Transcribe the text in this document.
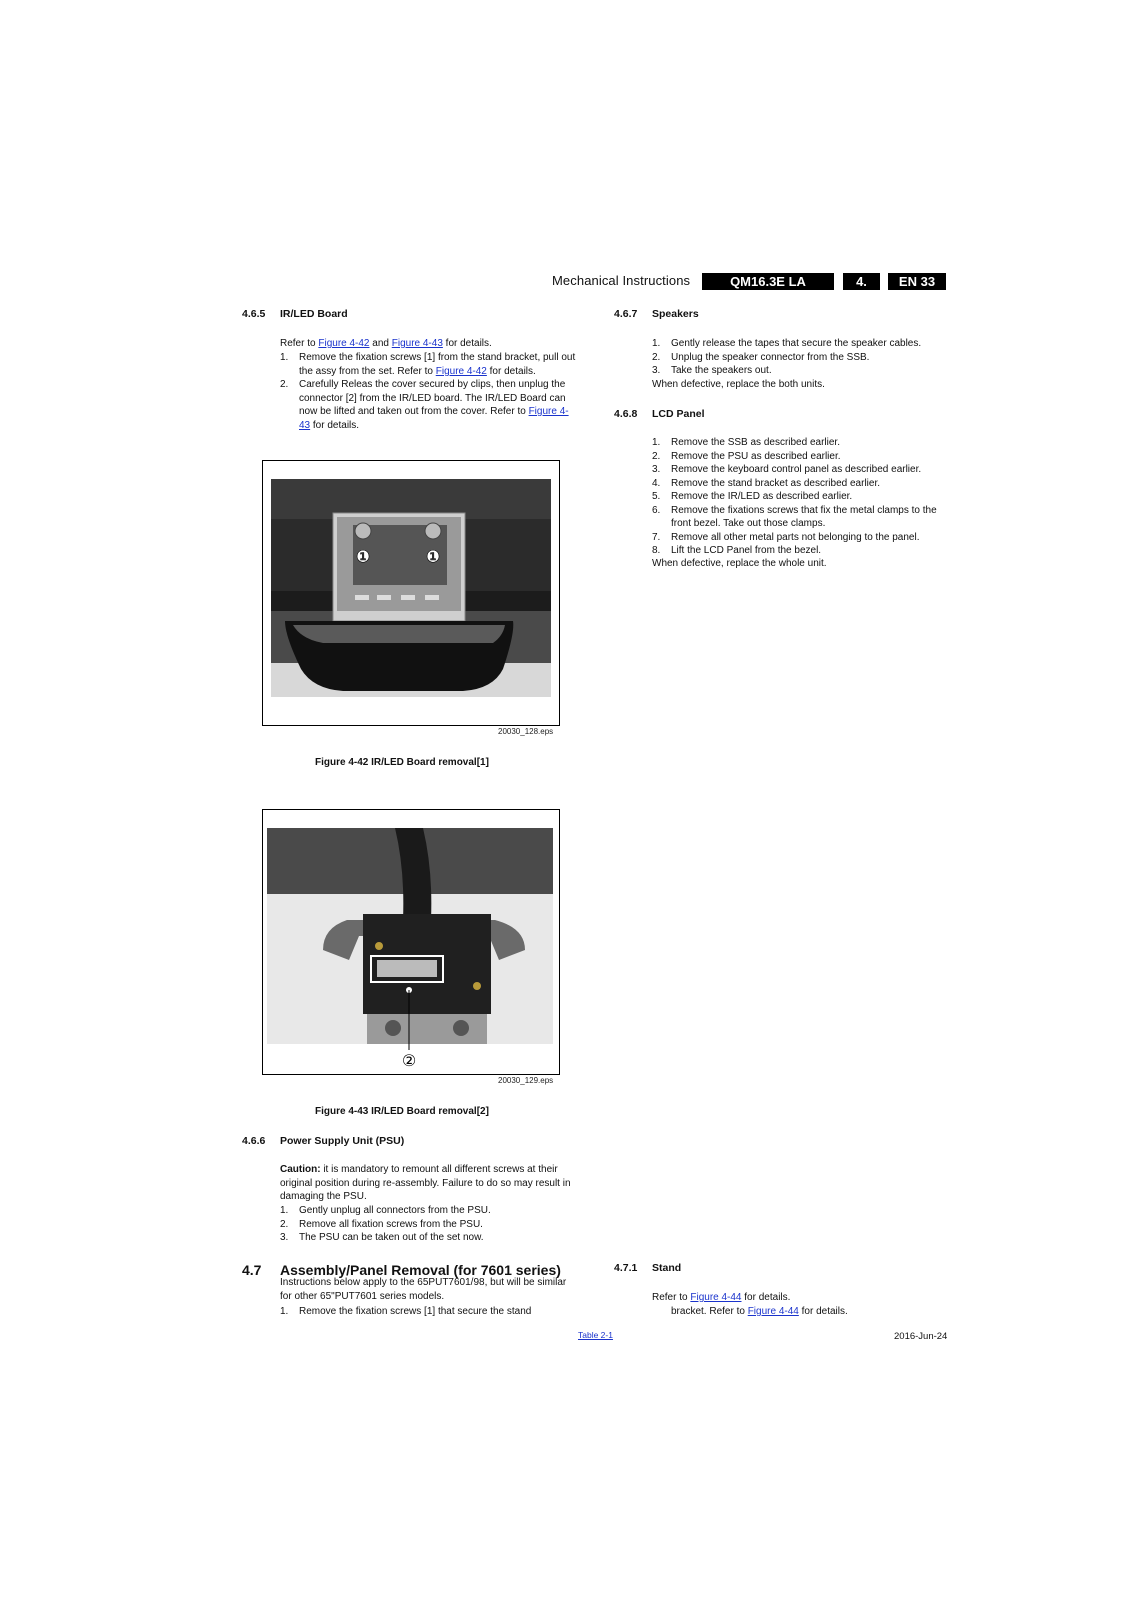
Mechanical Instructions	QM16.3E LA	4.	EN 33
4.6.5 IR/LED Board
Refer to Figure 4-42 and Figure 4-43 for details.
1. Remove the fixation screws [1] from the stand bracket, pull out the assy from the set. Refer to Figure 4-42 for details.
2. Carefully Releas the cover secured by clips, then unplug the connector [2] from the IR/LED board. The IR/LED Board can now be lifted and taken out from the cover. Refer to Figure 4-43 for details.
❶	❶
20030_128.eps
Figure 4-42 IR/LED Board removal[1]
②
20030_129.eps
Figure 4-43 IR/LED Board removal[2]
4.6.6 Power Supply Unit (PSU)
Caution: it is mandatory to remount all different screws at their original position during re-assembly. Failure to do so may result in damaging the PSU.
1. Gently unplug all connectors from the PSU.
2. Remove all fixation screws from the PSU.
3. The PSU can be taken out of the set now.
4.7 Assembly/Panel Removal (for 7601 series)
Instructions below apply to the 65PUT7601/98, but will be similar for other 65"PUT7601 series models.
1. Remove the fixation screws [1] that secure the stand
4.6.7 Speakers
1. Gently release the tapes that secure the speaker cables.
2. Unplug the speaker connector from the SSB.
3. Take the speakers out.
When defective, replace the both units.
4.6.8 LCD Panel
1. Remove the SSB as described earlier.
2. Remove the PSU as described earlier.
3. Remove the keyboard control panel as described earlier.
4. Remove the stand bracket as described earlier.
5. Remove the IR/LED as described earlier.
6. Remove the fixations screws that fix the metal clamps to the front bezel. Take out those clamps.
7. Remove all other metal parts not belonging to the panel.
8. Lift the LCD Panel from the bezel.
When defective, replace the whole unit.
4.7.1 Stand
Refer to Figure 4-44 for details.
bracket. Refer to Figure 4-44 for details.
Table 2-1	2016-Jun-24
